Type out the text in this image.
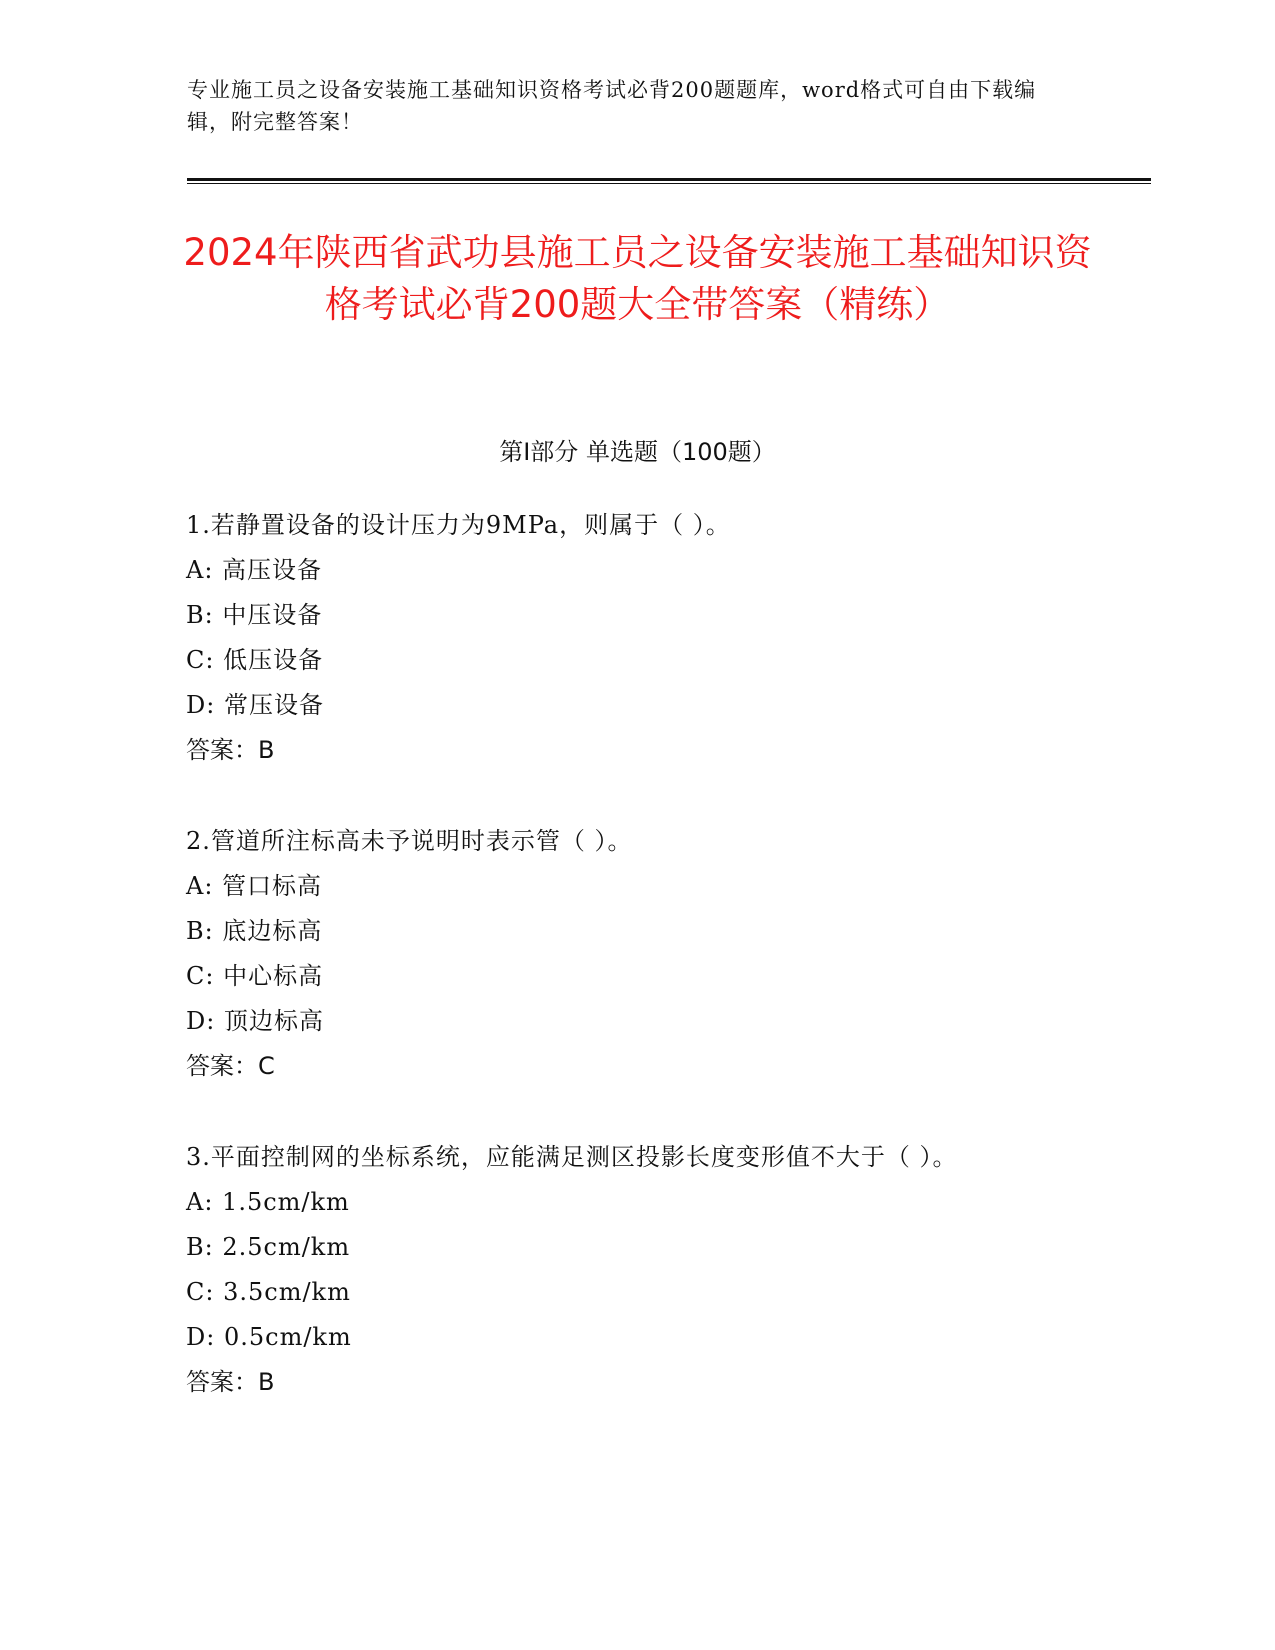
专业施工员之设备安装施工基础知识资格考试必背200题题库，word格式可自由下载编辑，附完整答案！
2024年陕西省武功县施工员之设备安装施工基础知识资格考试必背200题大全带答案（精练）
第Ⅰ部分 单选题（100题）
1.若静置设备的设计压力为9MPa，则属于（ ）。
A: 高压设备
B: 中压设备
C: 低压设备
D: 常压设备
答案：B
2.管道所注标高未予说明时表示管（ ）。
A: 管口标高
B: 底边标高
C: 中心标高
D: 顶边标高
答案：C
3.平面控制网的坐标系统，应能满足测区投影长度变形值不大于（ ）。
A: 1.5cm/km
B: 2.5cm/km
C: 3.5cm/km
D: 0.5cm/km
答案：B
